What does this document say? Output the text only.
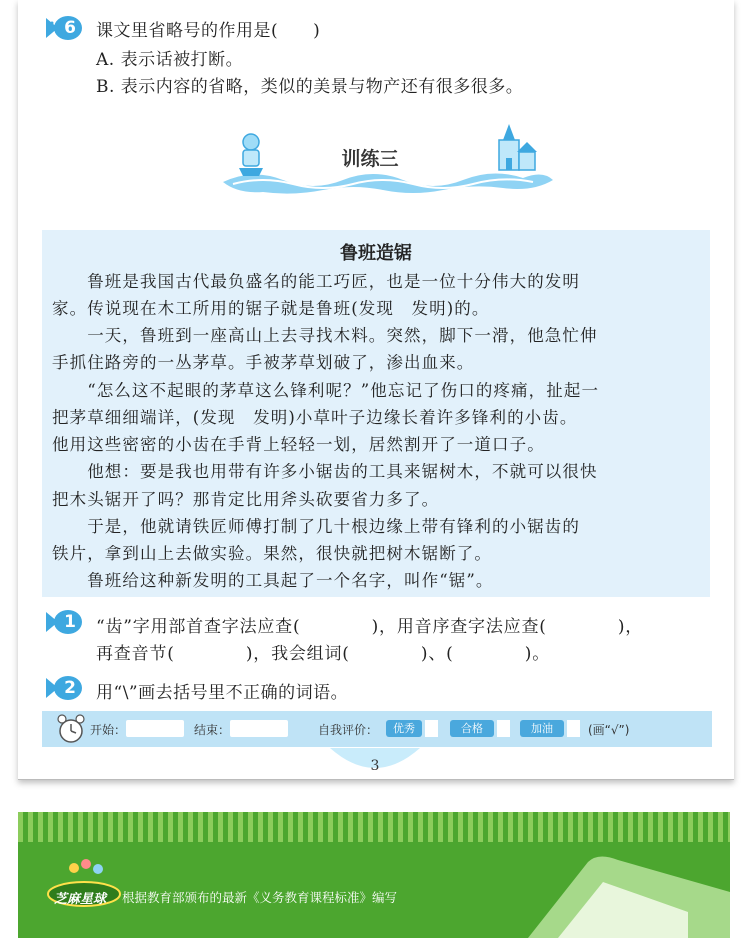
6 课文里省略号的作用是(　　)
A. 表示话被打断。
B. 表示内容的省略，类似的美景与物产还有很多很多。
训练三
鲁班造锯
　　鲁班是我国古代最负盛名的能工巧匠，也是一位十分伟大的发明
家。传说现在木工所用的锯子就是鲁班(发现　发明)的。
　　一天，鲁班到一座高山上去寻找木料。突然，脚下一滑，他急忙伸
手抓住路旁的一丛茅草。手被茅草划破了，渗出血来。
　　“怎么这不起眼的茅草这么锋利呢？”他忘记了伤口的疼痛，扯起一
把茅草细细端详，(发现　发明)小草叶子边缘长着许多锋利的小齿。
他用这些密密的小齿在手背上轻轻一划，居然割开了一道口子。
　　他想：要是我也用带有许多小锯齿的工具来锯树木，不就可以很快
把木头锯开了吗？那肯定比用斧头砍要省力多了。
　　于是，他就请铁匠师傅打制了几十根边缘上带有锋利的小锯齿的
铁片，拿到山上去做实验。果然，很快就把树木锯断了。
　　鲁班给这种新发明的工具起了一个名字，叫作“锯”。
1 “齿”字用部首查字法应查(　　　　)，用音序查字法应查(　　　　)，
再查音节(　　　　)，我会组词(　　　　)、(　　　　)。
2 用“\”画去括号里不正确的词语。
开始：	结束：	自我评价：	优秀	合格	加油	(画“√”)
3
芝麻星球 根据教育部颁布的最新《义务教育课程标准》编写
